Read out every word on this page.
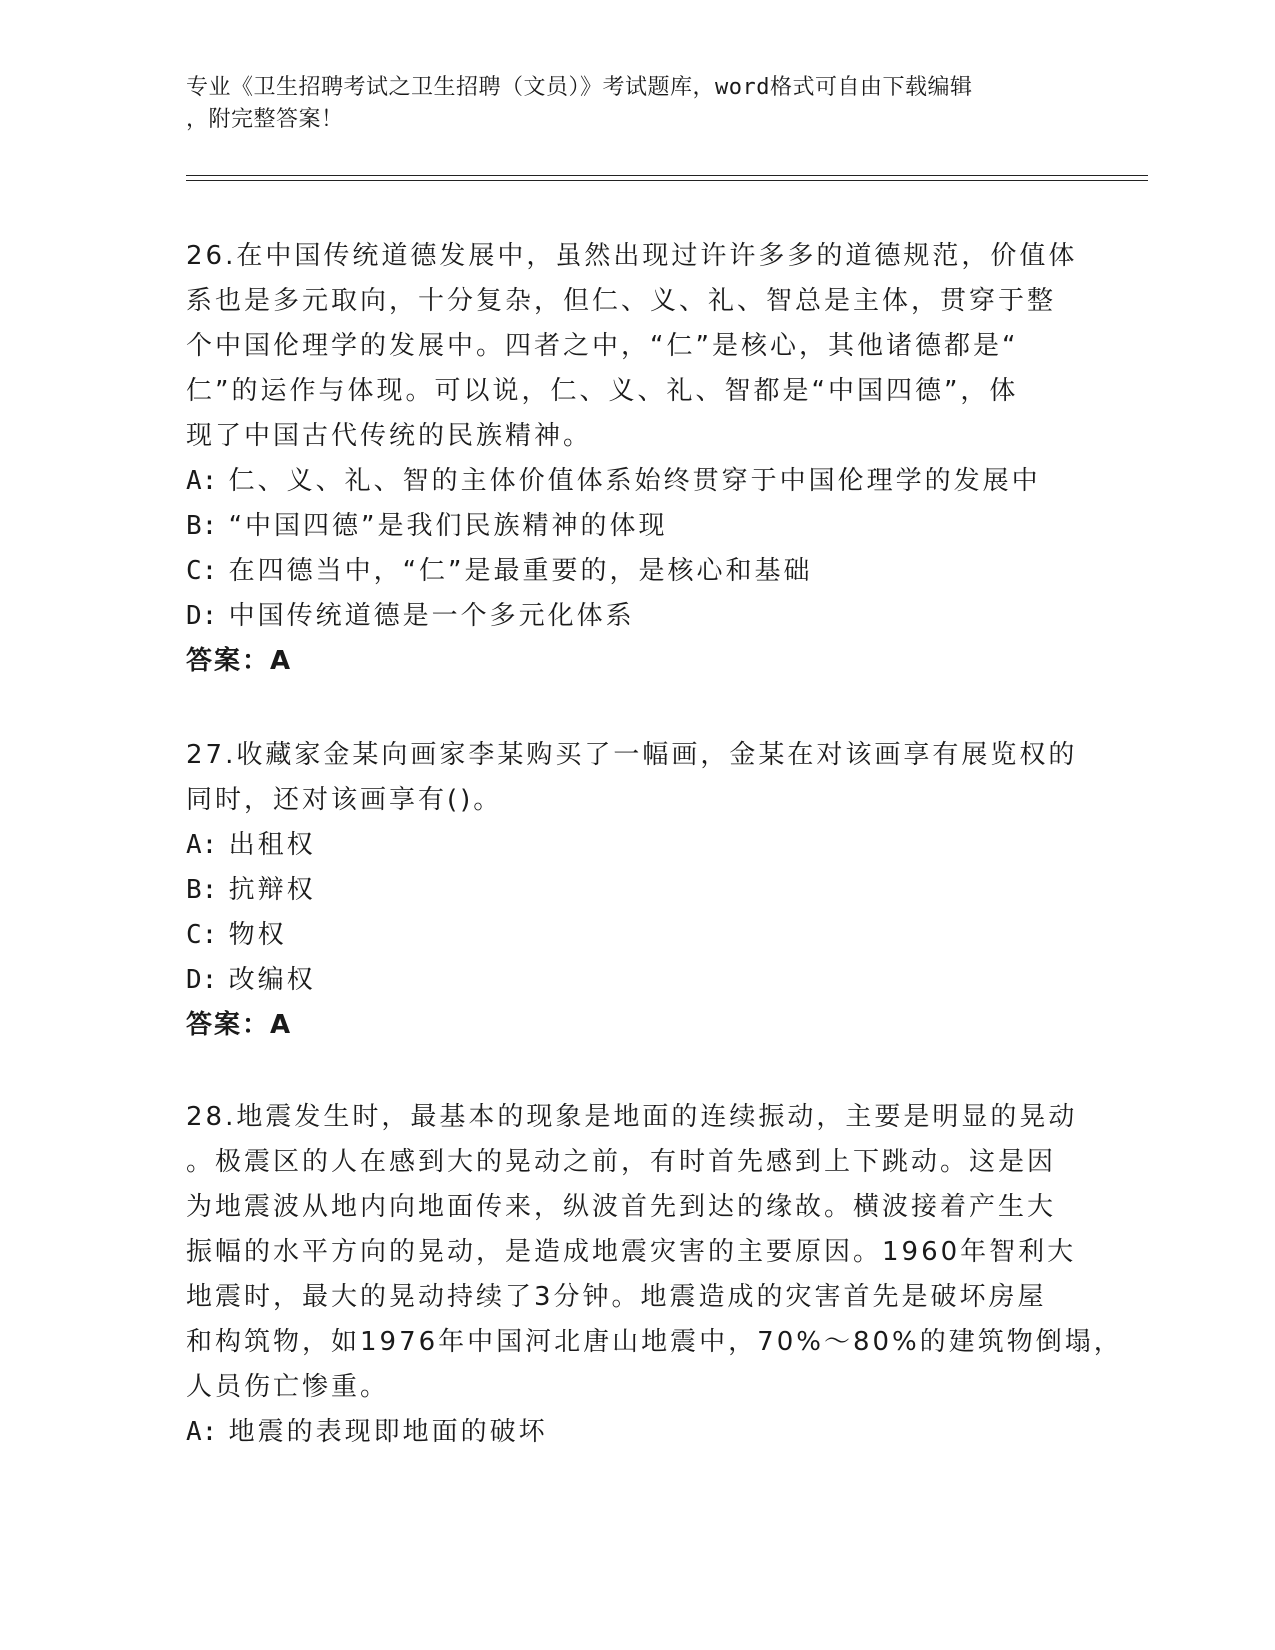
专业《卫生招聘考试之卫生招聘（文员）》考试题库，word格式可自由下载编辑
，附完整答案！
26.在中国传统道德发展中，虽然出现过许许多多的道德规范，价值体
系也是多元取向，十分复杂，但仁、义、礼、智总是主体，贯穿于整
个中国伦理学的发展中。四者之中，“仁”是核心，其他诸德都是“
仁”的运作与体现。可以说，仁、义、礼、智都是“中国四德”，体
现了中国古代传统的民族精神。
A: 仁、义、礼、智的主体价值体系始终贯穿于中国伦理学的发展中
B: “中国四德”是我们民族精神的体现
C: 在四德当中，“仁”是最重要的，是核心和基础
D: 中国传统道德是一个多元化体系
答案：A
27.收藏家金某向画家李某购买了一幅画，金某在对该画享有展览权的
同时，还对该画享有()。
A: 出租权
B: 抗辩权
C: 物权
D: 改编权
答案：A
28.地震发生时，最基本的现象是地面的连续振动，主要是明显的晃动
。极震区的人在感到大的晃动之前，有时首先感到上下跳动。这是因
为地震波从地内向地面传来，纵波首先到达的缘故。横波接着产生大
振幅的水平方向的晃动，是造成地震灾害的主要原因。1960年智利大
地震时，最大的晃动持续了3分钟。地震造成的灾害首先是破坏房屋
和构筑物，如1976年中国河北唐山地震中，70%～80%的建筑物倒塌，
人员伤亡惨重。
A: 地震的表现即地面的破坏
